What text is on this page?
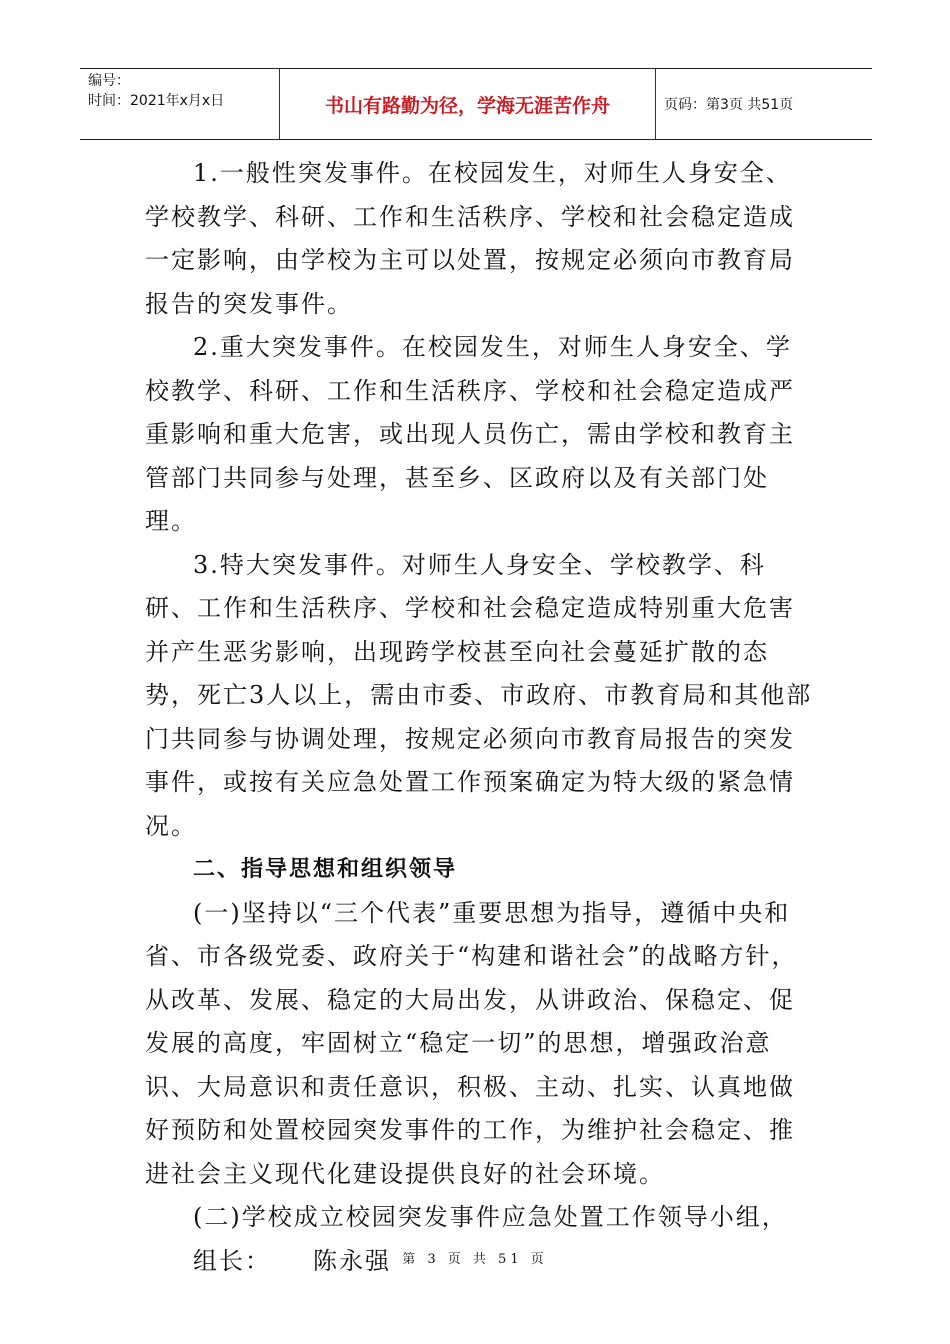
编号：
时间：2021年x月x日	书山有路勤为径，学海无涯苦作舟	页码：第3页 共51页

1.一般性突发事件。在校园发生，对师生人身安全、学校教学、科研、工作和生活秩序、学校和社会稳定造成一定影响，由学校为主可以处置，按规定必须向市教育局报告的突发事件。

2.重大突发事件。在校园发生，对师生人身安全、学校教学、科研、工作和生活秩序、学校和社会稳定造成严重影响和重大危害，或出现人员伤亡，需由学校和教育主管部门共同参与处理，甚至乡、区政府以及有关部门处理。

3.特大突发事件。对师生人身安全、学校教学、科研、工作和生活秩序、学校和社会稳定造成特别重大危害并产生恶劣影响，出现跨学校甚至向社会蔓延扩散的态势，死亡3人以上，需由市委、市政府、市教育局和其他部门共同参与协调处理，按规定必须向市教育局报告的突发事件，或按有关应急处置工作预案确定为特大级的紧急情况。

二、指导思想和组织领导

(一)坚持以“三个代表”重要思想为指导，遵循中央和省、市各级党委、政府关于“构建和谐社会”的战略方针，从改革、发展、稳定的大局出发，从讲政治、保稳定、促发展的高度，牢固树立“稳定一切”的思想，增强政治意识、大局意识和责任意识，积极、主动、扎实、认真地做好预防和处置校园突发事件的工作，为维护社会稳定、推进社会主义现代化建设提供良好的社会环境。

(二)学校成立校园突发事件应急处置工作领导小组，

组长： 陈永强 第 3 页 共 51 页
